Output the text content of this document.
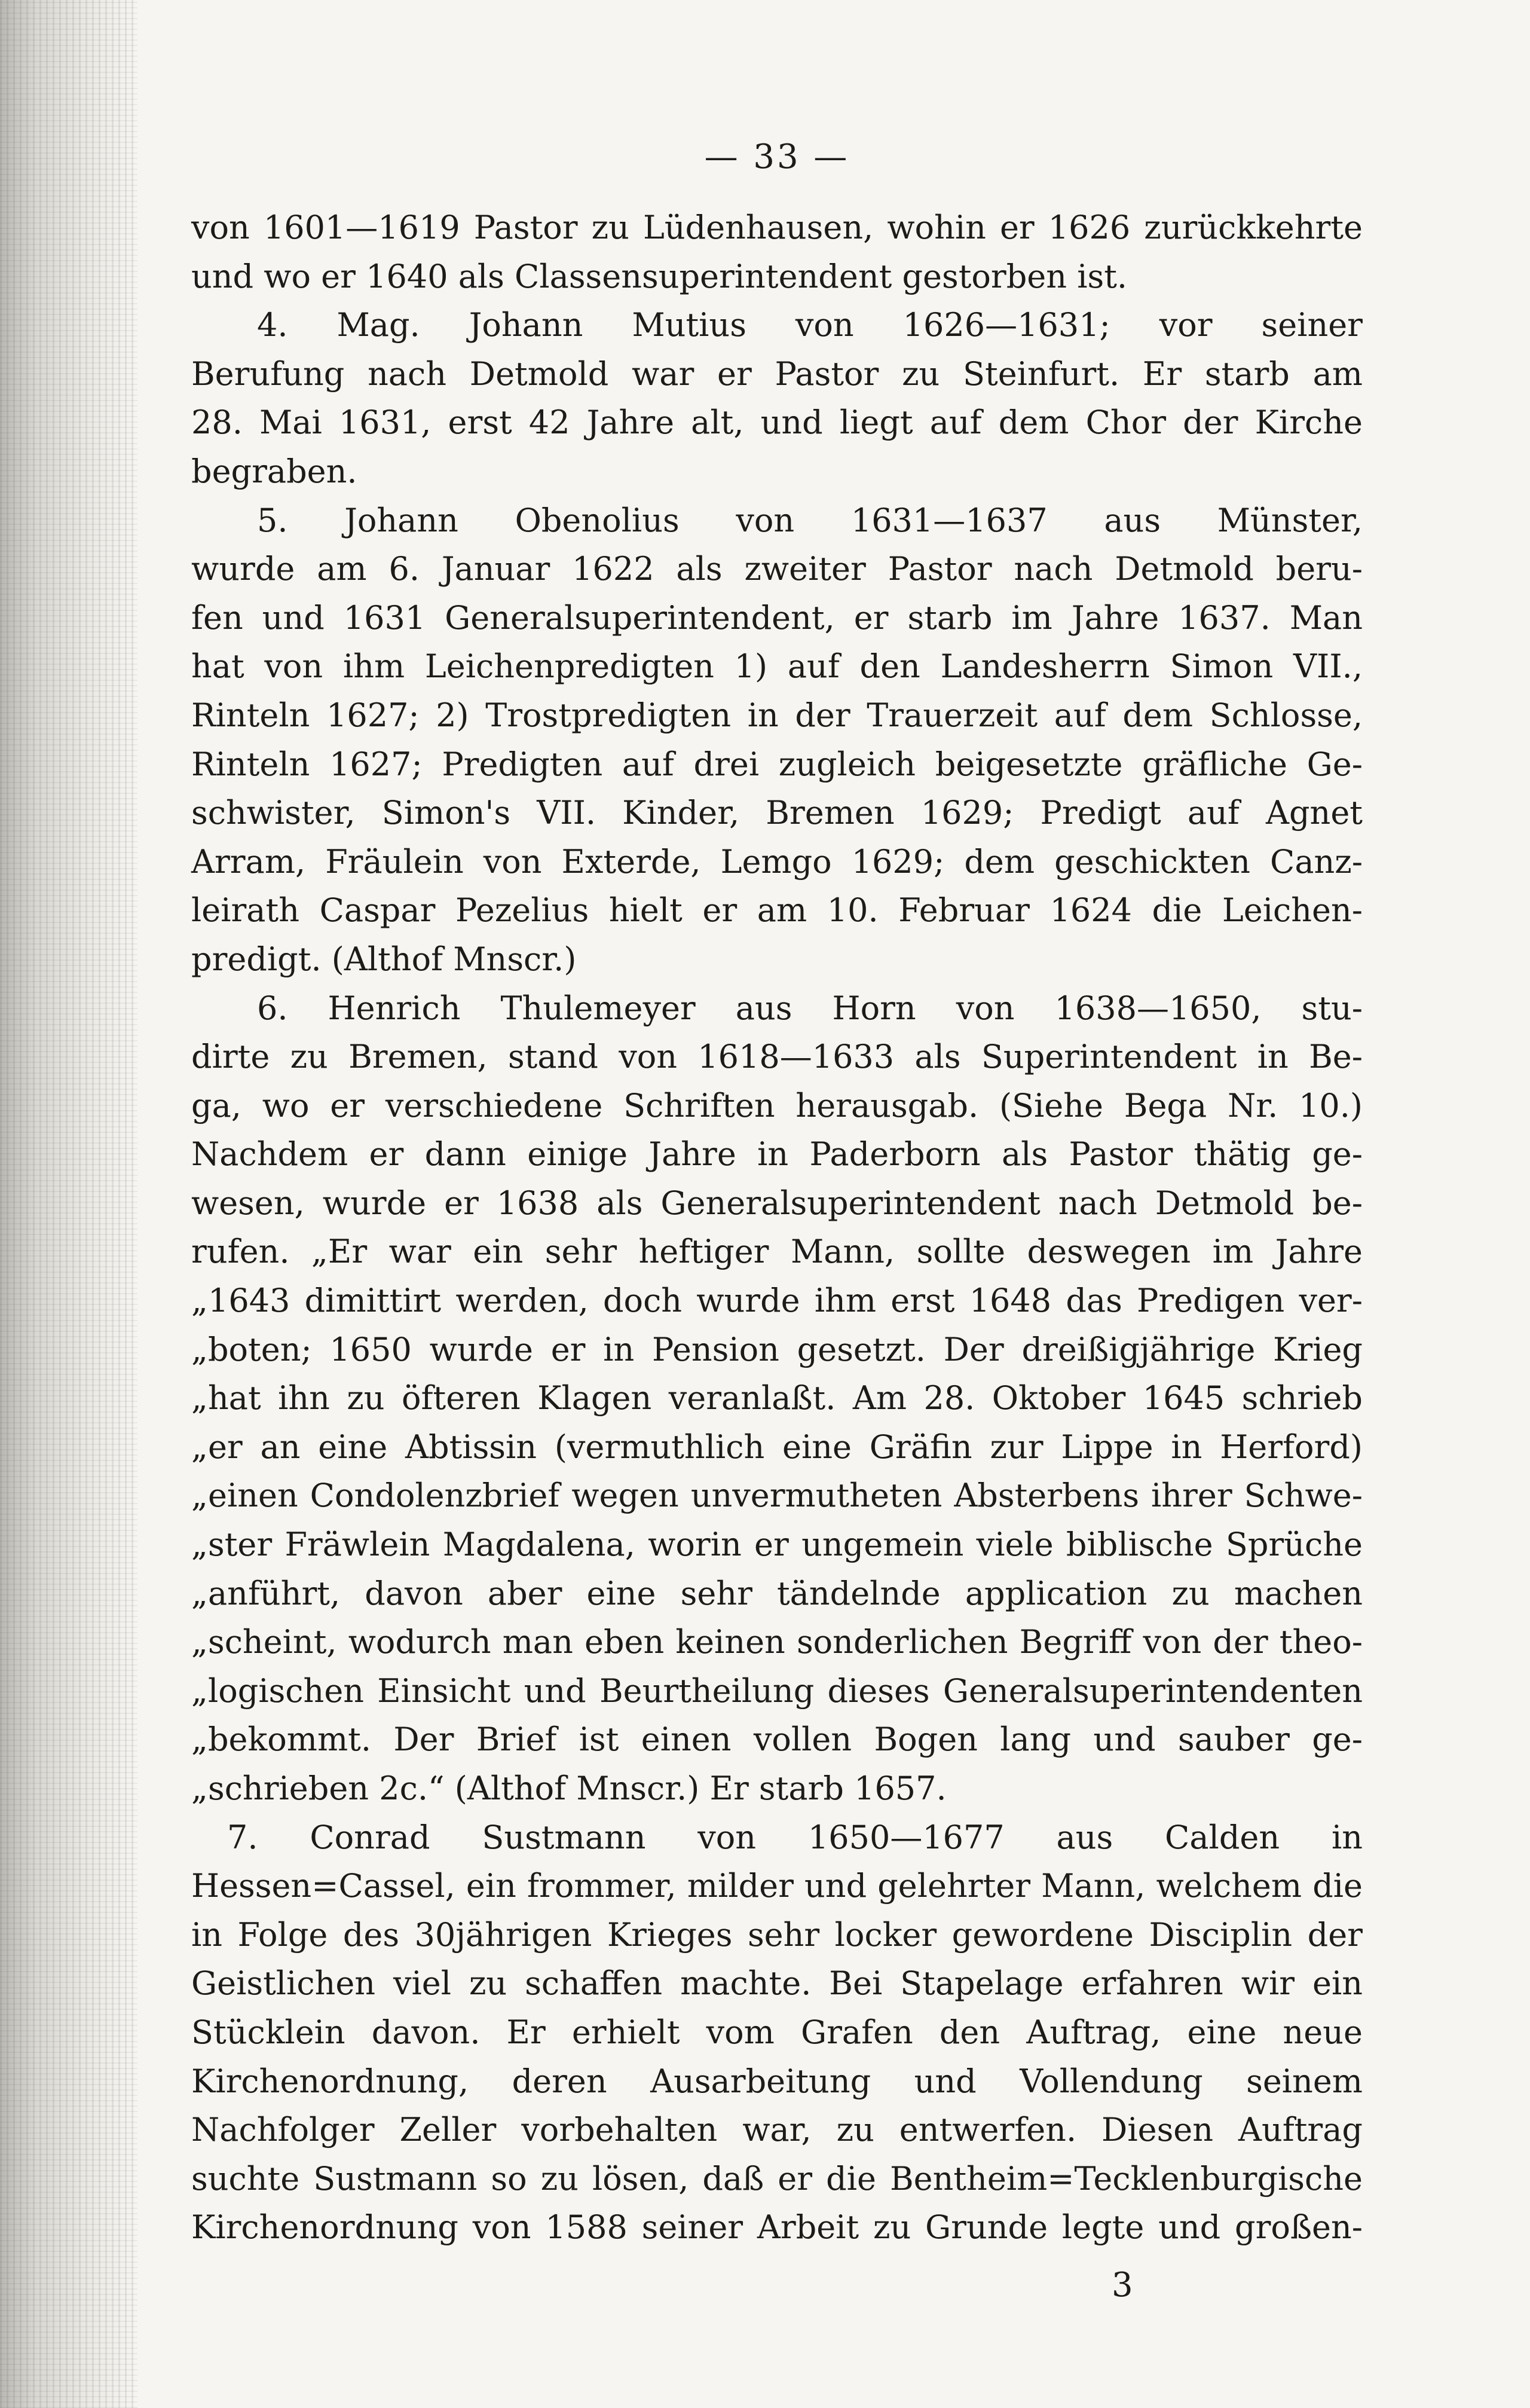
— 33 —
von 1601—1619 Pastor zu Lüdenhausen, wohin er 1626 zurückkehrte
und wo er 1640 als Classensuperintendent gestorben ist.
4. Mag. Johann Mutius von 1626—1631; vor seiner
Berufung nach Detmold war er Pastor zu Steinfurt. Er starb am
28. Mai 1631, erst 42 Jahre alt, und liegt auf dem Chor der Kirche
begraben.
5. Johann Obenolius von 1631—1637 aus Münster,
wurde am 6. Januar 1622 als zweiter Pastor nach Detmold beru-
fen und 1631 Generalsuperintendent, er starb im Jahre 1637. Man
hat von ihm Leichenpredigten 1) auf den Landesherrn Simon VII.,
Rinteln 1627; 2) Trostpredigten in der Trauerzeit auf dem Schlosse,
Rinteln 1627; Predigten auf drei zugleich beigesetzte gräfliche Ge-
schwister, Simon's VII. Kinder, Bremen 1629; Predigt auf Agnet
Arram, Fräulein von Exterde, Lemgo 1629; dem geschickten Canz-
leirath Caspar Pezelius hielt er am 10. Februar 1624 die Leichen-
predigt. (Althof Mnscr.)
6. Henrich Thulemeyer aus Horn von 1638—1650, stu-
dirte zu Bremen, stand von 1618—1633 als Superintendent in Be-
ga, wo er verschiedene Schriften herausgab. (Siehe Bega Nr. 10.)
Nachdem er dann einige Jahre in Paderborn als Pastor thätig ge-
wesen, wurde er 1638 als Generalsuperintendent nach Detmold be-
rufen. „Er war ein sehr heftiger Mann, sollte deswegen im Jahre
„1643 dimittirt werden, doch wurde ihm erst 1648 das Predigen ver-
„boten; 1650 wurde er in Pension gesetzt. Der dreißigjährige Krieg
„hat ihn zu öfteren Klagen veranlaßt. Am 28. Oktober 1645 schrieb
„er an eine Abtissin (vermuthlich eine Gräfin zur Lippe in Herford)
„einen Condolenzbrief wegen unvermutheten Absterbens ihrer Schwe-
„ster Fräwlein Magdalena, worin er ungemein viele biblische Sprüche
„anführt, davon aber eine sehr tändelnde application zu machen
„scheint, wodurch man eben keinen sonderlichen Begriff von der theo-
„logischen Einsicht und Beurtheilung dieses Generalsuperintendenten
„bekommt. Der Brief ist einen vollen Bogen lang und sauber ge-
„schrieben 2c.“ (Althof Mnscr.) Er starb 1657.
7. Conrad Sustmann von 1650—1677 aus Calden in
Hessen=Cassel, ein frommer, milder und gelehrter Mann, welchem die
in Folge des 30jährigen Krieges sehr locker gewordene Disciplin der
Geistlichen viel zu schaffen machte. Bei Stapelage erfahren wir ein
Stücklein davon. Er erhielt vom Grafen den Auftrag, eine neue
Kirchenordnung, deren Ausarbeitung und Vollendung seinem
Nachfolger Zeller vorbehalten war, zu entwerfen. Diesen Auftrag
suchte Sustmann so zu lösen, daß er die Bentheim=Tecklenburgische
Kirchenordnung von 1588 seiner Arbeit zu Grunde legte und großen-
3
